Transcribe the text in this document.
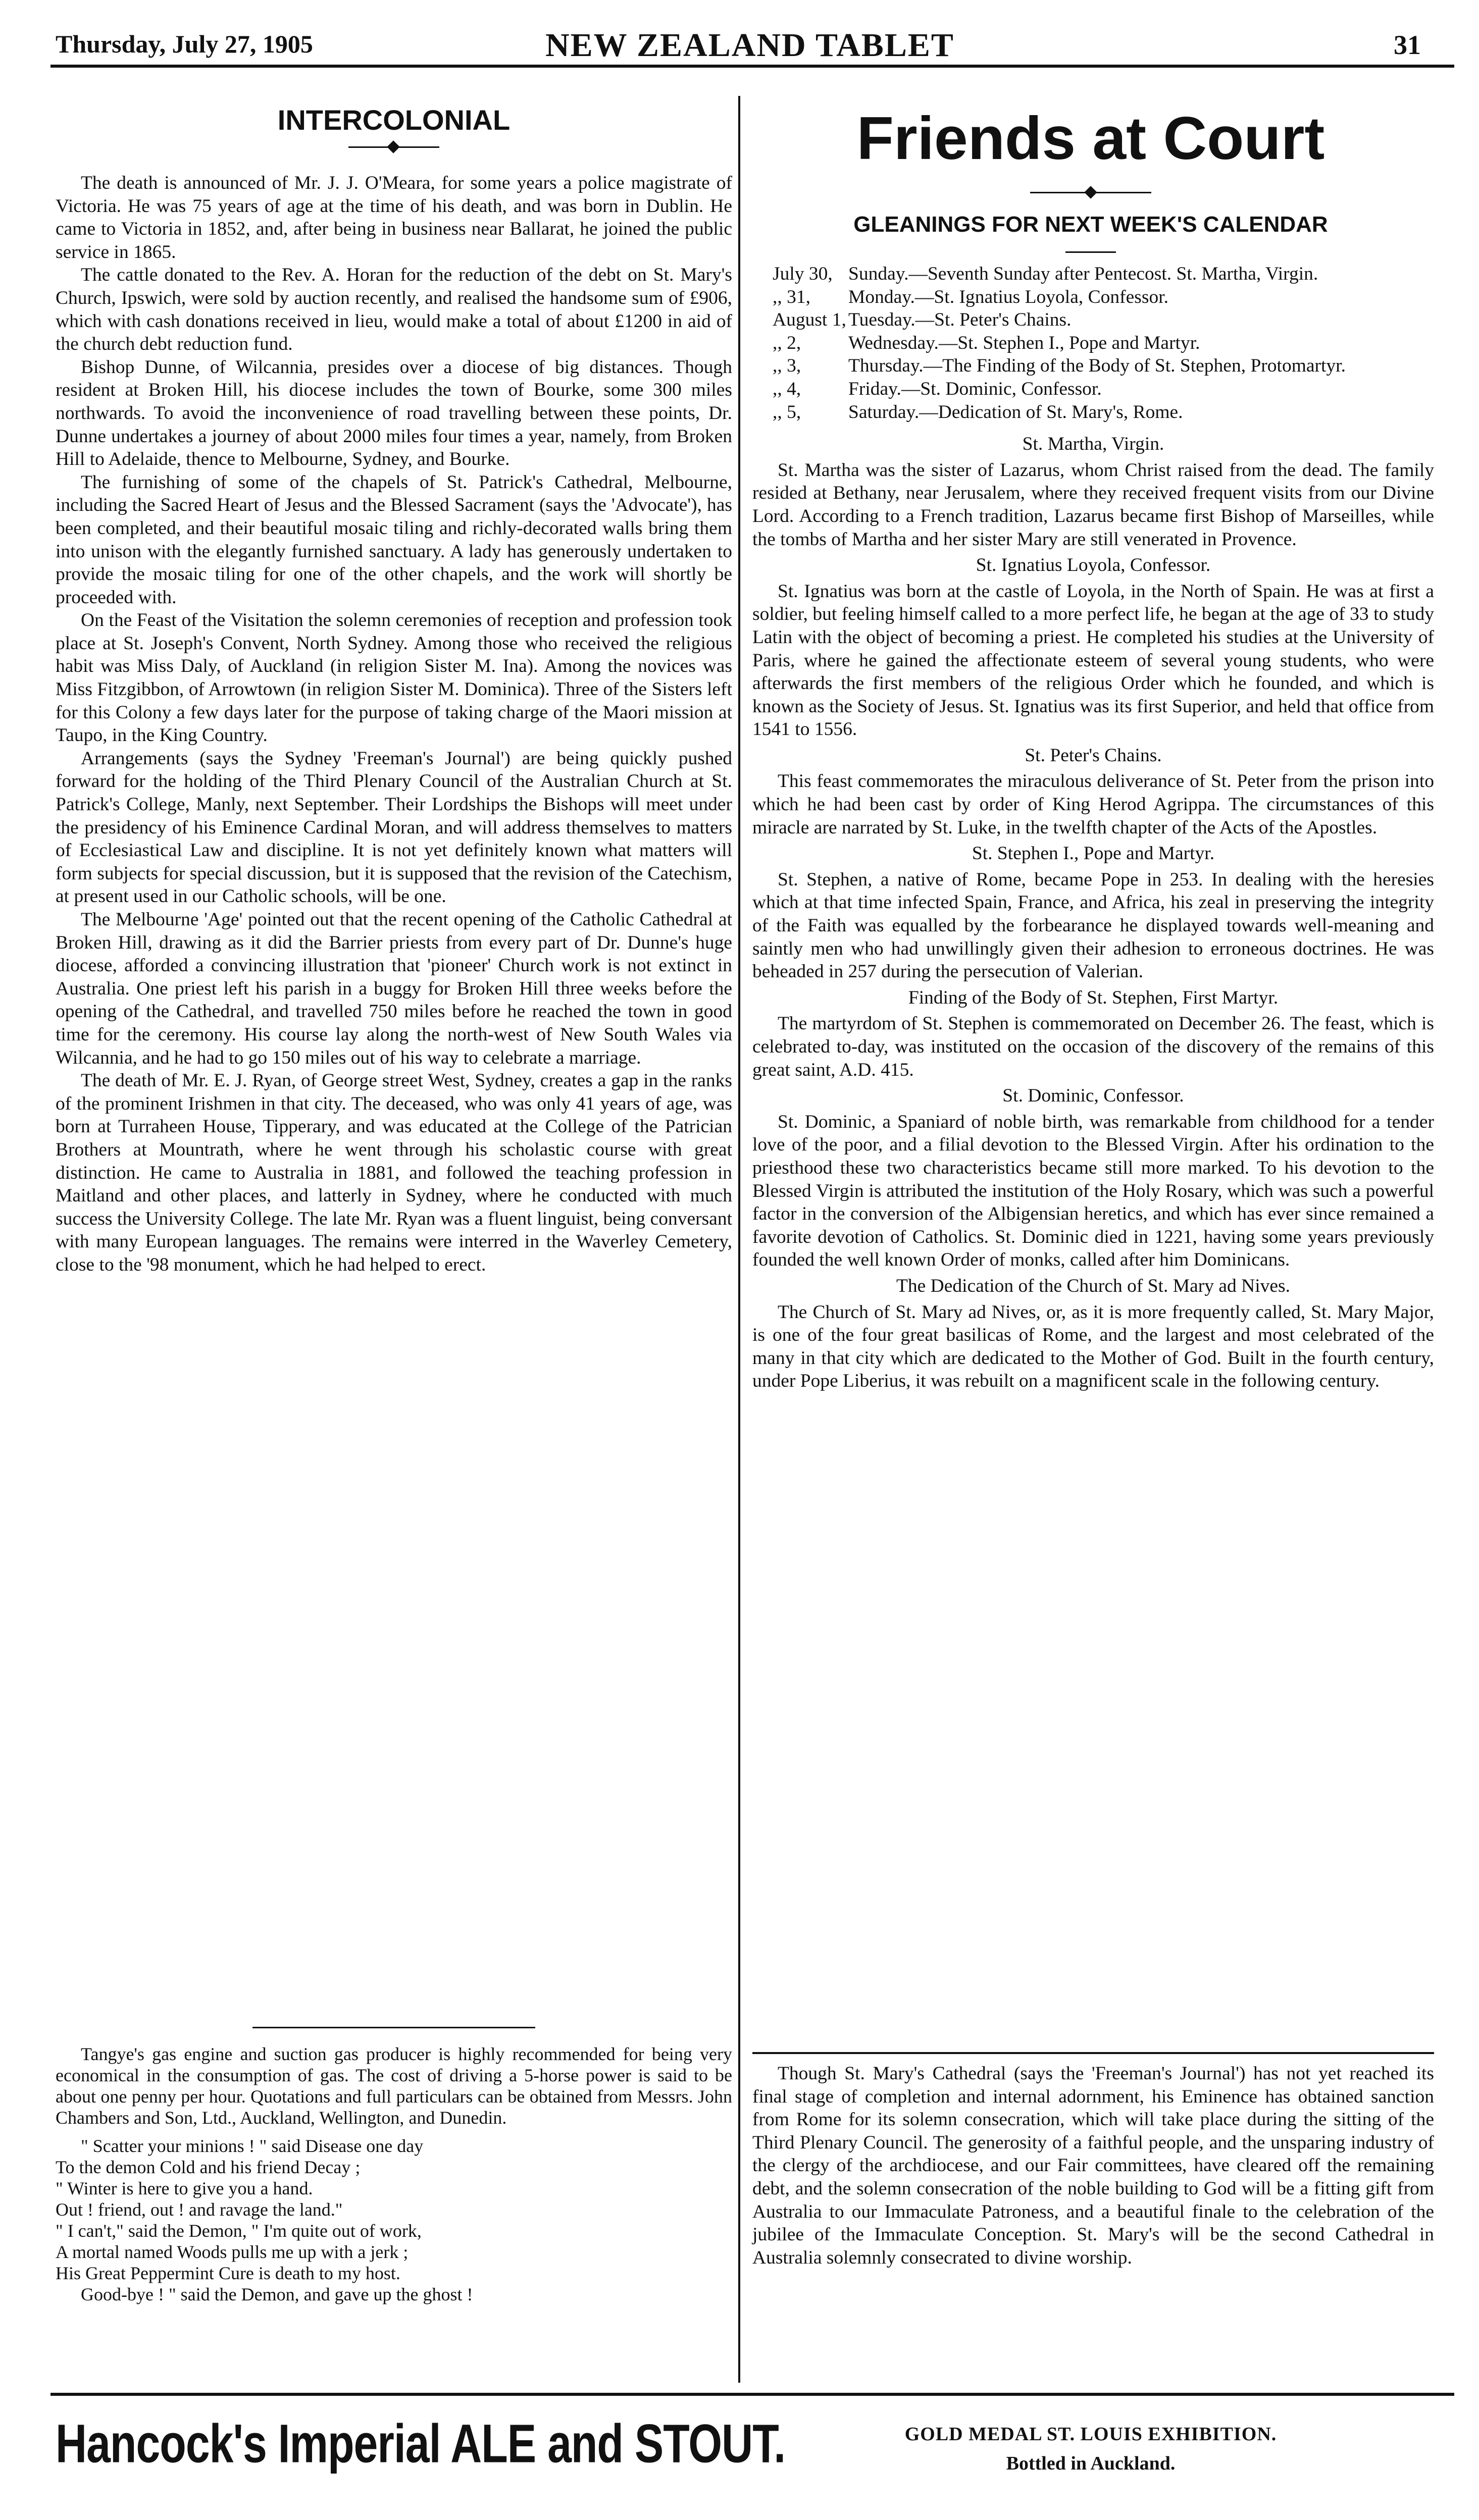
Thursday, July 27, 1905	NEW ZEALAND TABLET	31
INTERCOLONIAL

The death is announced of Mr. J. J. O'Meara, for some years a police magistrate of Victoria. He was 75 years of age at the time of his death, and was born in Dublin. He came to Victoria in 1852, and, after being in business near Ballarat, he joined the public service in 1865.

The cattle donated to the Rev. A. Horan for the reduction of the debt on St. Mary's Church, Ipswich, were sold by auction recently, and realised the handsome sum of £906, which with cash donations received in lieu, would make a total of about £1200 in aid of the church debt reduction fund.

Bishop Dunne, of Wilcannia, presides over a diocese of big distances. Though resident at Broken Hill, his diocese includes the town of Bourke, some 300 miles northwards. To avoid the inconvenience of road travelling between these points, Dr. Dunne undertakes a journey of about 2000 miles four times a year, namely, from Broken Hill to Adelaide, thence to Melbourne, Sydney, and Bourke.

The furnishing of some of the chapels of St. Patrick's Cathedral, Melbourne, including the Sacred Heart of Jesus and the Blessed Sacrament (says the 'Advocate'), has been completed, and their beautiful mosaic tiling and richly-decorated walls bring them into unison with the elegantly furnished sanctuary. A lady has generously undertaken to provide the mosaic tiling for one of the other chapels, and the work will shortly be proceeded with.

On the Feast of the Visitation the solemn ceremonies of reception and profession took place at St. Joseph's Convent, North Sydney. Among those who received the religious habit was Miss Daly, of Auckland (in religion Sister M. Ina). Among the novices was Miss Fitzgibbon, of Arrowtown (in religion Sister M. Dominica). Three of the Sisters left for this Colony a few days later for the purpose of taking charge of the Maori mission at Taupo, in the King Country.

Arrangements (says the Sydney 'Freeman's Journal') are being quickly pushed forward for the holding of the Third Plenary Council of the Australian Church at St. Patrick's College, Manly, next September. Their Lordships the Bishops will meet under the presidency of his Eminence Cardinal Moran, and will address themselves to matters of Ecclesiastical Law and discipline. It is not yet definitely known what matters will form subjects for special discussion, but it is supposed that the revision of the Catechism, at present used in our Catholic schools, will be one.

The Melbourne 'Age' pointed out that the recent opening of the Catholic Cathedral at Broken Hill, drawing as it did the Barrier priests from every part of Dr. Dunne's huge diocese, afforded a convincing illustration that 'pioneer' Church work is not extinct in Australia. One priest left his parish in a buggy for Broken Hill three weeks before the opening of the Cathedral, and travelled 750 miles before he reached the town in good time for the ceremony. His course lay along the north-west of New South Wales via Wilcannia, and he had to go 150 miles out of his way to celebrate a marriage.

The death of Mr. E. J. Ryan, of George street West, Sydney, creates a gap in the ranks of the prominent Irishmen in that city. The deceased, who was only 41 years of age, was born at Turraheen House, Tipperary, and was educated at the College of the Patrician Brothers at Mountrath, where he went through his scholastic course with great distinction. He came to Australia in 1881, and followed the teaching profession in Maitland and other places, and latterly in Sydney, where he conducted with much success the University College. The late Mr. Ryan was a fluent linguist, being conversant with many European languages. The remains were interred in the Waverley Cemetery, close to the '98 monument, which he had helped to erect.

Tangye's gas engine and suction gas producer is highly recommended for being very economical in the consumption of gas. The cost of driving a 5-horse power is said to be about one penny per hour. Quotations and full particulars can be obtained from Messrs. John Chambers and Son, Ltd., Auckland, Wellington, and Dunedin.

" Scatter your minions ! " said Disease one day

To the demon Cold and his friend Decay ;

" Winter is here to give you a hand.

Out ! friend, out ! and ravage the land."

" I can't," said the Demon, " I'm quite out of work,

A mortal named Woods pulls me up with a jerk ;

His Great Peppermint Cure is death to my host.

Good-bye ! " said the Demon, and gave up the ghost !

Friends at Court
GLEANINGS FOR NEXT WEEK'S CALENDAR

July 30, Sunday.—Seventh Sunday after Pentecost. St. Martha, Virgin.

,, 31, Monday.—St. Ignatius Loyola, Confessor.

August 1, Tuesday.—St. Peter's Chains.

,, 2,	Wednesday.—St. Stephen I., Pope and Martyr.

,, 3,	Thursday.—The Finding of the Body of St. Stephen, Protomartyr.

,, 4,	Friday.—St. Dominic, Confessor.

,, 5,	Saturday.—Dedication of St. Mary's, Rome.

St. Martha, Virgin.

St. Martha was the sister of Lazarus, whom Christ raised from the dead. The family resided at Bethany, near Jerusalem, where they received frequent visits from our Divine Lord. According to a French tradition, Lazarus became first Bishop of Marseilles, while the tombs of Martha and her sister Mary are still venerated in Provence.

St. Ignatius Loyola, Confessor.

St. Ignatius was born at the castle of Loyola, in the North of Spain. He was at first a soldier, but feeling himself called to a more perfect life, he began at the age of 33 to study Latin with the object of becoming a priest. He completed his studies at the University of Paris, where he gained the affectionate esteem of several young students, who were afterwards the first members of the religious Order which he founded, and which is known as the Society of Jesus. St. Ignatius was its first Superior, and held that office from 1541 to 1556.

St. Peter's Chains.

This feast commemorates the miraculous deliverance of St. Peter from the prison into which he had been cast by order of King Herod Agrippa. The circumstances of this miracle are narrated by St. Luke, in the twelfth chapter of the Acts of the Apostles.

St. Stephen I., Pope and Martyr.

St. Stephen, a native of Rome, became Pope in 253. In dealing with the heresies which at that time infected Spain, France, and Africa, his zeal in preserving the integrity of the Faith was equalled by the forbearance he displayed towards well-meaning and saintly men who had unwillingly given their adhesion to erroneous doctrines. He was beheaded in 257 during the persecution of Valerian.

Finding of the Body of St. Stephen, First Martyr.

The martyrdom of St. Stephen is commemorated on December 26. The feast, which is celebrated to-day, was instituted on the occasion of the discovery of the remains of this great saint, A.D. 415.

St. Dominic, Confessor.

St. Dominic, a Spaniard of noble birth, was remarkable from childhood for a tender love of the poor, and a filial devotion to the Blessed Virgin. After his ordination to the priesthood these two characteristics became still more marked. To his devotion to the Blessed Virgin is attributed the institution of the Holy Rosary, which was such a powerful factor in the conversion of the Albigensian heretics, and which has ever since remained a favorite devotion of Catholics. St. Dominic died in 1221, having some years previously founded the well known Order of monks, called after him Dominicans.

The Dedication of the Church of St. Mary ad Nives.

The Church of St. Mary ad Nives, or, as it is more frequently called, St. Mary Major, is one of the four great basilicas of Rome, and the largest and most celebrated of the many in that city which are dedicated to the Mother of God. Built in the fourth century, under Pope Liberius, it was rebuilt on a magnificent scale in the following century.

Though St. Mary's Cathedral (says the 'Freeman's Journal') has not yet reached its final stage of completion and internal adornment, his Eminence has obtained sanction from Rome for its solemn consecration, which will take place during the sitting of the Third Plenary Council. The generosity of a faithful people, and the unsparing industry of the clergy of the archdiocese, and our Fair committees, have cleared off the remaining debt, and the solemn consecration of the noble building to God will be a fitting gift from Australia to our Immaculate Patroness, and a beautiful finale to the celebration of the jubilee of the Immaculate Conception. St. Mary's will be the second Cathedral in Australia solemnly consecrated to divine worship.

Hancock's Imperial ALE and STOUT.	GOLD MEDAL ST. LOUIS EXHIBITION.
Bottled in Auckland.
